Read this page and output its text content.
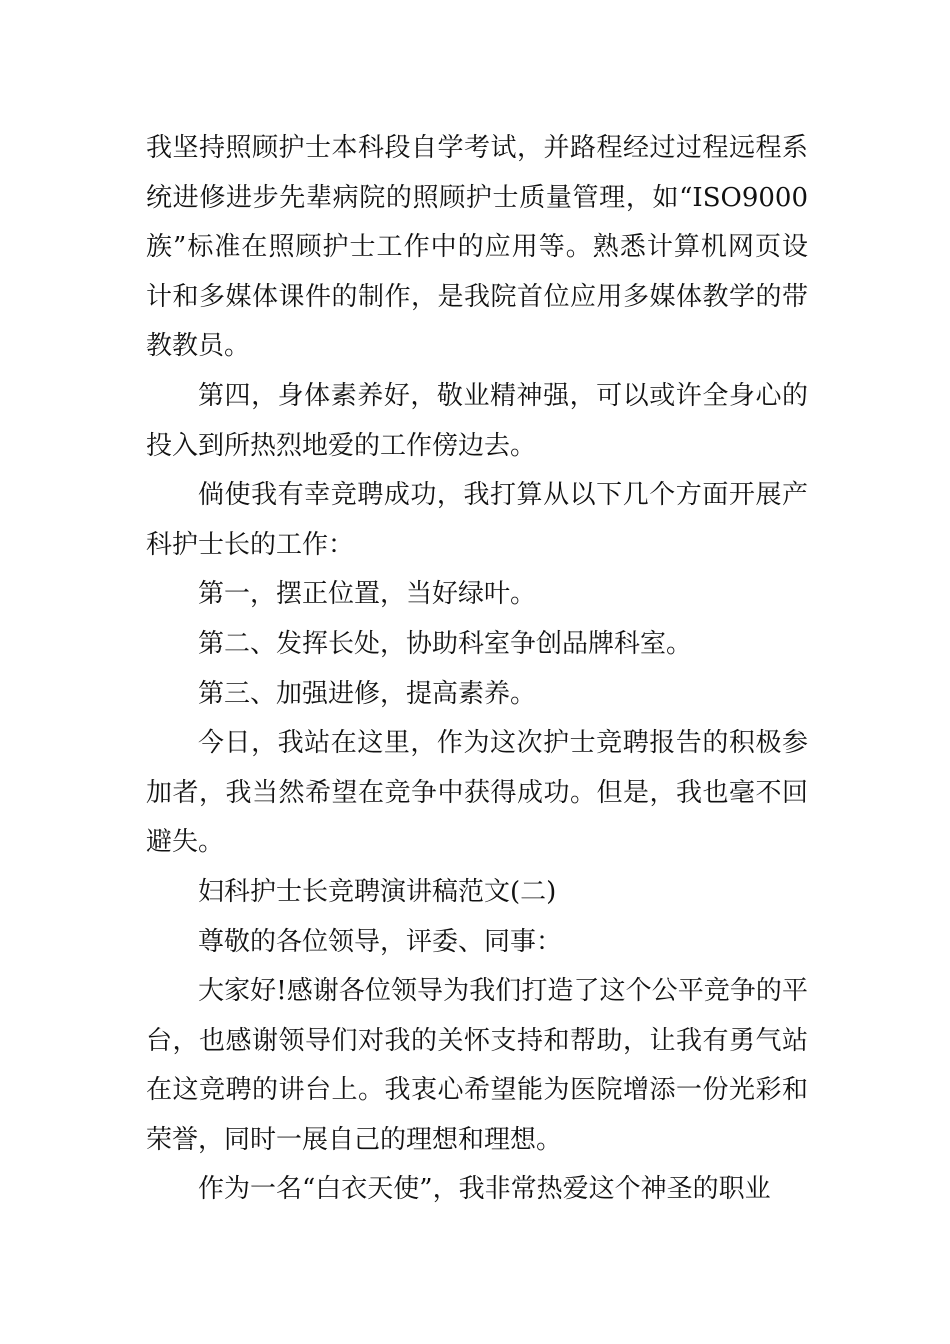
我坚持照顾护士本科段自学考试，并路程经过过程远程系统进修进步先辈病院的照顾护士质量管理，如“ISO9000族”标准在照顾护士工作中的应用等。熟悉计算机网页设计和多媒体课件的制作，是我院首位应用多媒体教学的带教教员。

第四，身体素养好，敬业精神强，可以或许全身心的投入到所热烈地爱的工作傍边去。

倘使我有幸竞聘成功，我打算从以下几个方面开展产科护士长的工作：

第一，摆正位置，当好绿叶。

第二、发挥长处，协助科室争创品牌科室。

第三、加强进修，提高素养。

今日，我站在这里，作为这次护士竞聘报告的积极参加者，我当然希望在竞争中获得成功。但是，我也毫不回避失。

妇科护士长竞聘演讲稿范文(二)

尊敬的各位领导，评委、同事：

大家好!感谢各位领导为我们打造了这个公平竞争的平台，也感谢领导们对我的关怀支持和帮助，让我有勇气站在这竞聘的讲台上。我衷心希望能为医院增添一份光彩和荣誉，同时一展自己的理想和理想。

作为一名“白衣天使”，我非常热爱这个神圣的职业
